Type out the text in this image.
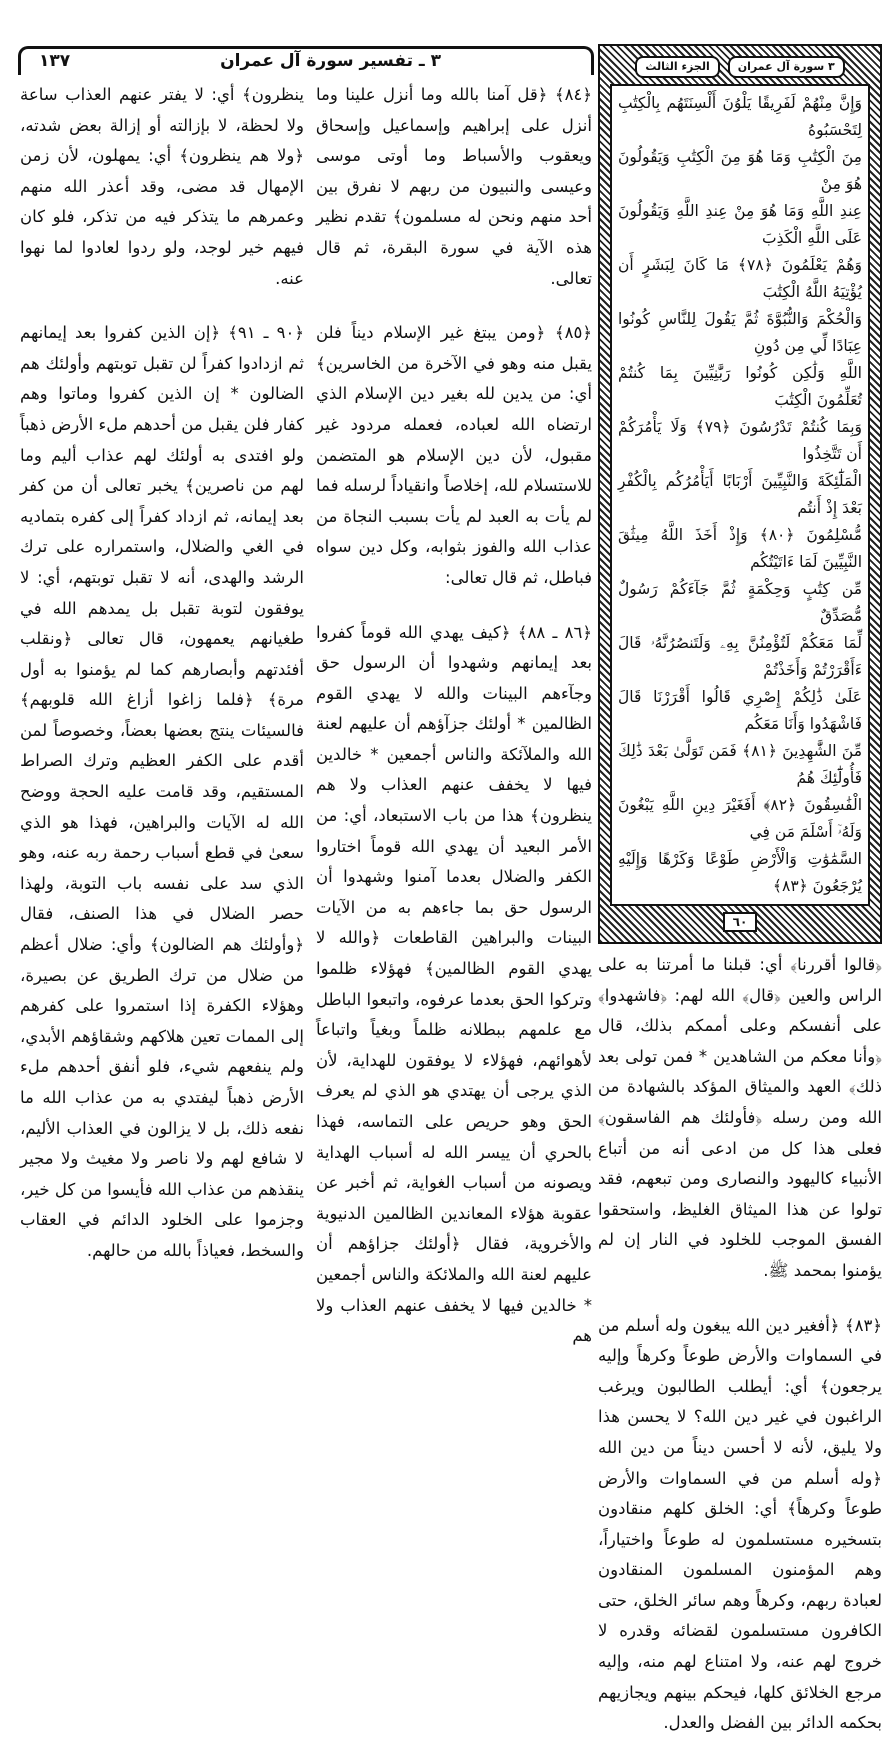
٣ ـ تفسير سورة آل عمران
١٣٧	الجزء الثالث	٣ سورة آل عمران

وَإِنَّ مِنْهُمْ لَفَرِيقًا يَلْوُنَ أَلْسِنَتَهُم بِالْكِتَٰبِ لِتَحْسَبُوهُ

مِنَ الْكِتَٰبِ وَمَا هُوَ مِنَ الْكِتَٰبِ وَيَقُولُونَ هُوَ مِنْ

عِندِ اللَّهِ وَمَا هُوَ مِنْ عِندِ اللَّهِ وَيَقُولُونَ عَلَى اللَّهِ الْكَذِبَ

وَهُمْ يَعْلَمُونَ ﴿٧٨﴾ مَا كَانَ لِبَشَرٍ أَن يُؤْتِيَهُ اللَّهُ الْكِتَٰبَ

وَالْحُكْمَ وَالنُّبُوَّةَ ثُمَّ يَقُولَ لِلنَّاسِ كُونُوا عِبَادًا لِّي مِن دُونِ

اللَّهِ وَلَٰكِن كُونُوا رَبَّٰنِيِّينَ بِمَا كُنتُمْ تُعَلِّمُونَ الْكِتَٰبَ

وَبِمَا كُنتُمْ تَدْرُسُونَ ﴿٧٩﴾ وَلَا يَأْمُرَكُمْ أَن تَتَّخِذُوا

الْمَلَٰٓئِكَةَ وَالنَّبِيِّينَ أَرْبَابًا أَيَأْمُرُكُم بِالْكُفْرِ بَعْدَ إِذْ أَنتُم

مُّسْلِمُونَ ﴿٨٠﴾ وَإِذْ أَخَذَ اللَّهُ مِيثَٰقَ النَّبِيِّينَ لَمَا ءَاتَيْتُكُم

مِّن كِتَٰبٍ وَحِكْمَةٍ ثُمَّ جَآءَكُمْ رَسُولٌ مُّصَدِّقٌ

لِّمَا مَعَكُمْ لَتُؤْمِنُنَّ بِهِۦ وَلَتَنصُرُنَّهُۥ قَالَ ءَأَقْرَرْتُمْ وَأَخَذْتُمْ

عَلَىٰ ذَٰلِكُمْ إِصْرِي قَالُوا أَقْرَرْنَا قَالَ فَاشْهَدُوا وَأَنَا مَعَكُم

مِّنَ الشَّٰهِدِينَ ﴿٨١﴾ فَمَن تَوَلَّىٰ بَعْدَ ذَٰلِكَ فَأُولَٰٓئِكَ هُمُ

الْفَٰسِقُونَ ﴿٨٢﴾ أَفَغَيْرَ دِينِ اللَّهِ يَبْغُونَ وَلَهُۥٓ أَسْلَمَ مَن فِي

السَّمَٰوَٰتِ وَالْأَرْضِ طَوْعًا وَكَرْهًا وَإِلَيْهِ يُرْجَعُونَ ﴿٨٣﴾

٦٠

﴿قالوا أقررنا﴾ أي: قبلنا ما أمرتنا به على الراس والعين ﴿قال﴾ الله لهم: ﴿فاشهدوا﴾ على أنفسكم وعلى أممكم بذلك، قال ﴿وأنا معكم من الشاهدين * فمن تولى بعد ذلك﴾ العهد والميثاق المؤكد بالشهادة من الله ومن رسله ﴿فأولئك هم الفاسقون﴾ فعلى هذا كل من ادعى أنه من أتباع الأنبياء كاليهود والنصارى ومن تبعهم، فقد تولوا عن هذا الميثاق الغليظ، واستحقوا الفسق الموجب للخلود في النار إن لم يؤمنوا بمحمد ﷺ.

﴿٨٣﴾ ﴿أفغير دين الله يبغون وله أسلم من في السماوات والأرض طوعاً وكرهاً وإليه يرجعون﴾ أي: أيطلب الطالبون ويرغب الراغبون في غير دين الله؟ لا يحسن هذا ولا يليق، لأنه لا أحسن ديناً من دين الله ﴿وله أسلم من في السماوات والأرض طوعاً وكرهاً﴾ أي: الخلق كلهم منقادون بتسخيره مستسلمون له طوعاً واختياراً، وهم المؤمنون المسلمون المنقادون لعبادة ربهم، وكرهاً وهم سائر الخلق، حتى الكافرون مستسلمون لقضائه وقدره لا خروج لهم عنه، ولا امتناع لهم منه، وإليه مرجع الخلائق كلها، فيحكم بينهم ويجازيهم بحكمه الدائر بين الفضل والعدل.

﴿٨٤﴾ ﴿قل آمنا بالله وما أنزل علينا وما أنزل على إبراهيم وإسماعيل وإسحاق ويعقوب والأسباط وما أوتى موسى وعيسى والنبيون من ربهم لا نفرق بين أحد منهم ونحن له مسلمون﴾ تقدم نظير هذه الآية في سورة البقرة، ثم قال تعالى.

﴿٨٥﴾ ﴿ومن يبتغ غير الإسلام ديناً فلن يقبل منه وهو في الآخرة من الخاسرين﴾ أي: من يدين لله بغير دين الإسلام الذي ارتضاه الله لعباده، فعمله مردود غير مقبول، لأن دين الإسلام هو المتضمن للاستسلام لله، إخلاصاً وانقياداً لرسله فما لم يأت به العبد لم يأت بسبب النجاة من عذاب الله والفوز بثوابه، وكل دين سواه فباطل، ثم قال تعالى:

﴿٨٦ ـ ٨٨﴾ ﴿كيف يهدي الله قوماً كفروا بعد إيمانهم وشهدوا أن الرسول حق وجآءهم البينات والله لا يهدي القوم الظالمين * أولئك جزآؤهم أن عليهم لعنة الله والملآئكة والناس أجمعين * خالدين فيها لا يخفف عنهم العذاب ولا هم ينظرون﴾ هذا من باب الاستبعاد، أي: من الأمر البعيد أن يهدي الله قوماً اختاروا الكفر والضلال بعدما آمنوا وشهدوا أن الرسول حق بما جاءهم به من الآيات البينات والبراهين القاطعات ﴿والله لا يهدي القوم الظالمين﴾ فهؤلاء ظلموا وتركوا الحق بعدما عرفوه، واتبعوا الباطل مع علمهم ببطلانه ظلماً وبغياً واتباعاً لأهوائهم، فهؤلاء لا يوفقون للهداية، لأن الذي يرجى أن يهتدي هو الذي لم يعرف الحق وهو حريص على التماسه، فهذا بالحري أن ييسر الله له أسباب الهداية ويصونه من أسباب الغواية، ثم أخبر عن عقوبة هؤلاء المعاندين الظالمين الدنيوية والأخروية، فقال ﴿أولئك جزاؤهم أن عليهم لعنة الله والملائكة والناس أجمعين * خالدين فيها لا يخفف عنهم العذاب ولا هم

ينظرون﴾ أي: لا يفتر عنهم العذاب ساعة ولا لحظة، لا بإزالته أو إزالة بعض شدته، ﴿ولا هم ينظرون﴾ أي: يمهلون، لأن زمن الإمهال قد مضى، وقد أعذر الله منهم وعمرهم ما يتذكر فيه من تذكر، فلو كان فيهم خير لوجد، ولو ردوا لعادوا لما نهوا عنه.

﴿٩٠ ـ ٩١﴾ ﴿إن الذين كفروا بعد إيمانهم ثم ازدادوا كفراً لن تقبل توبتهم وأولئك هم الضالون * إن الذين كفروا وماتوا وهم كفار فلن يقبل من أحدهم ملء الأرض ذهباً ولو افتدى به أولئك لهم عذاب أليم وما لهم من ناصرين﴾ يخبر تعالى أن من كفر بعد إيمانه، ثم ازداد كفراً إلى كفره بتماديه في الغي والضلال، واستمراره على ترك الرشد والهدى، أنه لا تقبل توبتهم، أي: لا يوفقون لتوبة تقبل بل يمدهم الله في طغيانهم يعمهون، قال تعالى ﴿ونقلب أفئدتهم وأبصارهم كما لم يؤمنوا به أول مرة﴾ ﴿فلما زاغوا أزاغ الله قلوبهم﴾ فالسيئات ينتج بعضها بعضاً، وخصوصاً لمن أقدم على الكفر العظيم وترك الصراط المستقيم، وقد قامت عليه الحجة ووضح الله له الآيات والبراهين، فهذا هو الذي سعىٰ في قطع أسباب رحمة ربه عنه، وهو الذي سد على نفسه باب التوبة، ولهذا حصر الضلال في هذا الصنف، فقال ﴿وأولئك هم الضالون﴾ وأي: ضلال أعظم من ضلال من ترك الطريق عن بصيرة، وهؤلاء الكفرة إذا استمروا على كفرهم إلى الممات تعين هلاكهم وشقاؤهم الأبدي، ولم ينفعهم شيء، فلو أنفق أحدهم ملء الأرض ذهباً ليفتدي به من عذاب الله ما نفعه ذلك، بل لا يزالون في العذاب الأليم، لا شافع لهم ولا ناصر ولا مغيث ولا مجير ينقذهم من عذاب الله فأيسوا من كل خير، وجزموا على الخلود الدائم في العقاب والسخط، فعياذاً بالله من حالهم.
